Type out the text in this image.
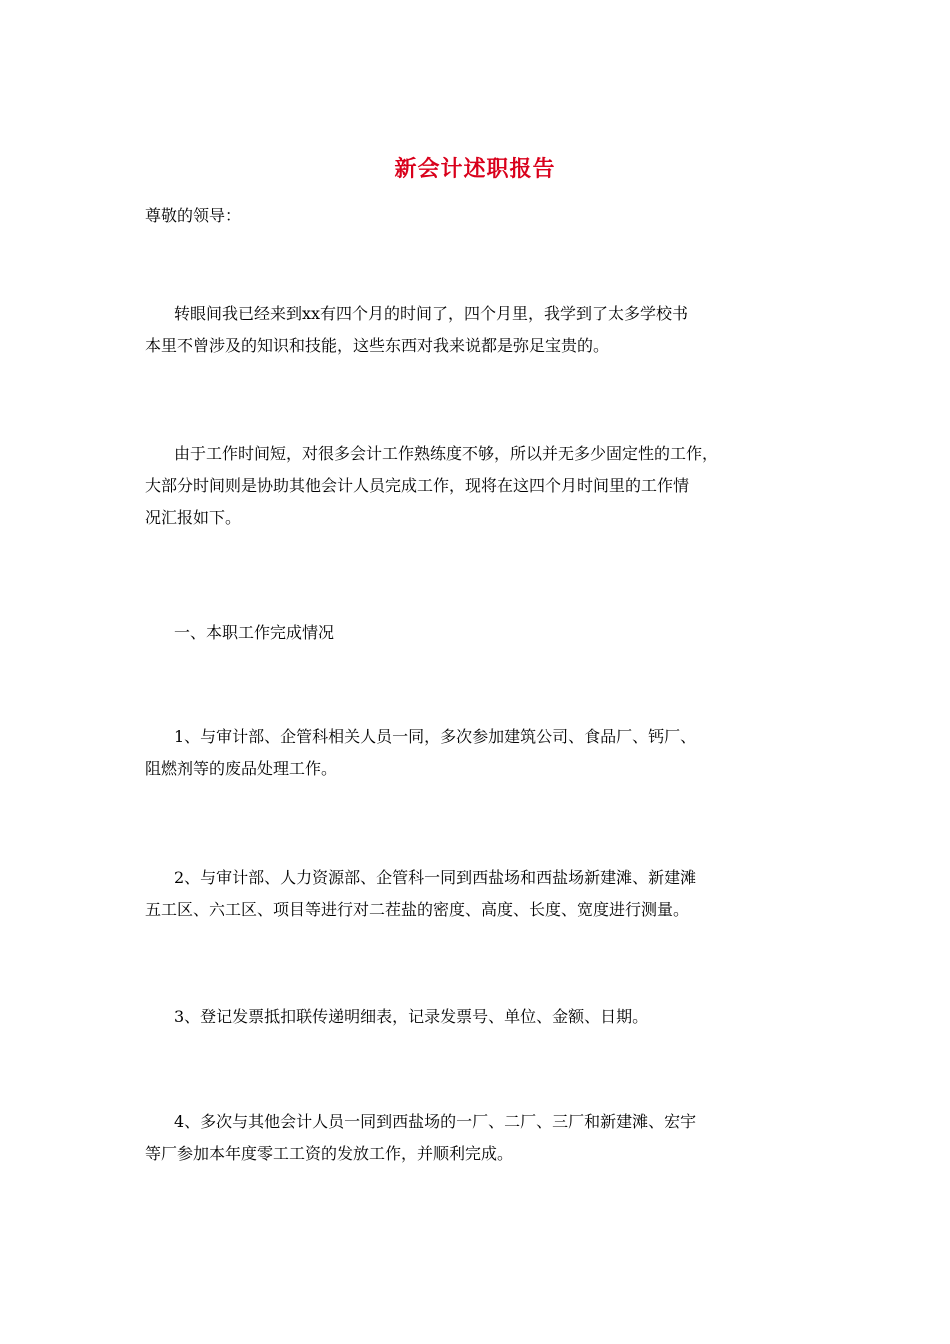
新会计述职报告
尊敬的领导：
转眼间我已经来到xx有四个月的时间了，四个月里，我学到了太多学校书
本里不曾涉及的知识和技能，这些东西对我来说都是弥足宝贵的。
由于工作时间短，对很多会计工作熟练度不够，所以并无多少固定性的工作，
大部分时间则是协助其他会计人员完成工作，现将在这四个月时间里的工作情
况汇报如下。
一、本职工作完成情况
1、与审计部、企管科相关人员一同，多次参加建筑公司、食品厂、钙厂、
阻燃剂等的废品处理工作。
2、与审计部、人力资源部、企管科一同到西盐场和西盐场新建滩、新建滩
五工区、六工区、项目等进行对二茬盐的密度、高度、长度、宽度进行测量。
3、登记发票抵扣联传递明细表，记录发票号、单位、金额、日期。
4、多次与其他会计人员一同到西盐场的一厂、二厂、三厂和新建滩、宏宇
等厂参加本年度零工工资的发放工作，并顺利完成。
